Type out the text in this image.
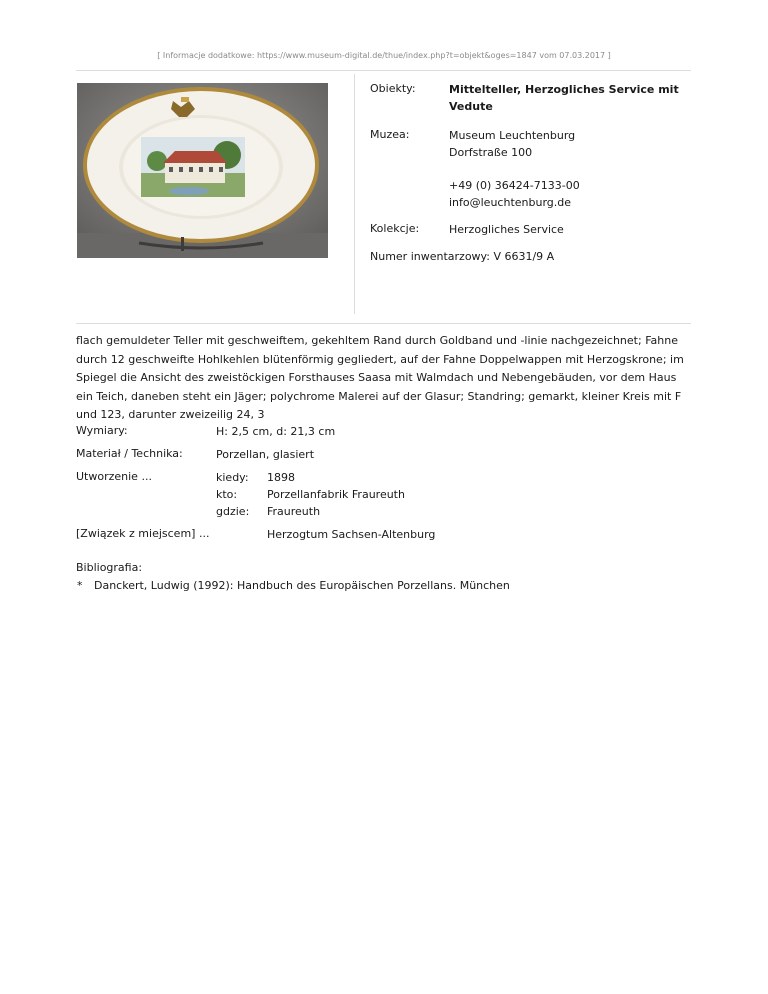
[ Informacje dodatkowe: https://www.museum-digital.de/thue/index.php?t=objekt&oges=1847 vom 07.03.2017 ]
Obiekty:	Mittelteller, Herzogliches Service mit
Vedute
Muzea:	Museum Leuchtenburg
Dorfstraße 100
+49 (0) 36424-7133-00
info@leuchtenburg.de
Kolekcje:	Herzogliches Service
Numer inwentarzowy: V 6631/9 A
flach gemuldeter Teller mit geschweiftem, gekehltem Rand durch Goldband und -linie nachgezeichnet; Fahne durch 12 geschweifte Hohlkehlen blütenförmig gegliedert, auf der Fahne Doppelwappen mit Herzogskrone; im Spiegel die Ansicht des zweistöckigen Forsthauses Saasa mit Walmdach und Nebengebäuden, vor dem Haus ein Teich, daneben steht ein Jäger; polychrome Malerei auf der Glasur; Standring; gemarkt, kleiner Kreis mit F und 123, darunter zweizeilig 24, 3
Wymiary:	H: 2,5 cm, d: 21,3 cm
Materiał / Technika:	Porzellan, glasiert
Utworzenie ...	kiedy: 1898
kto:	Porzellanfabrik Fraureuth
gdzie: Fraureuth
[Związek z miejscem] ...	Herzogtum Sachsen-Altenburg
Bibliografia:
* Danckert, Ludwig (1992): Handbuch des Europäischen Porzellans. München
